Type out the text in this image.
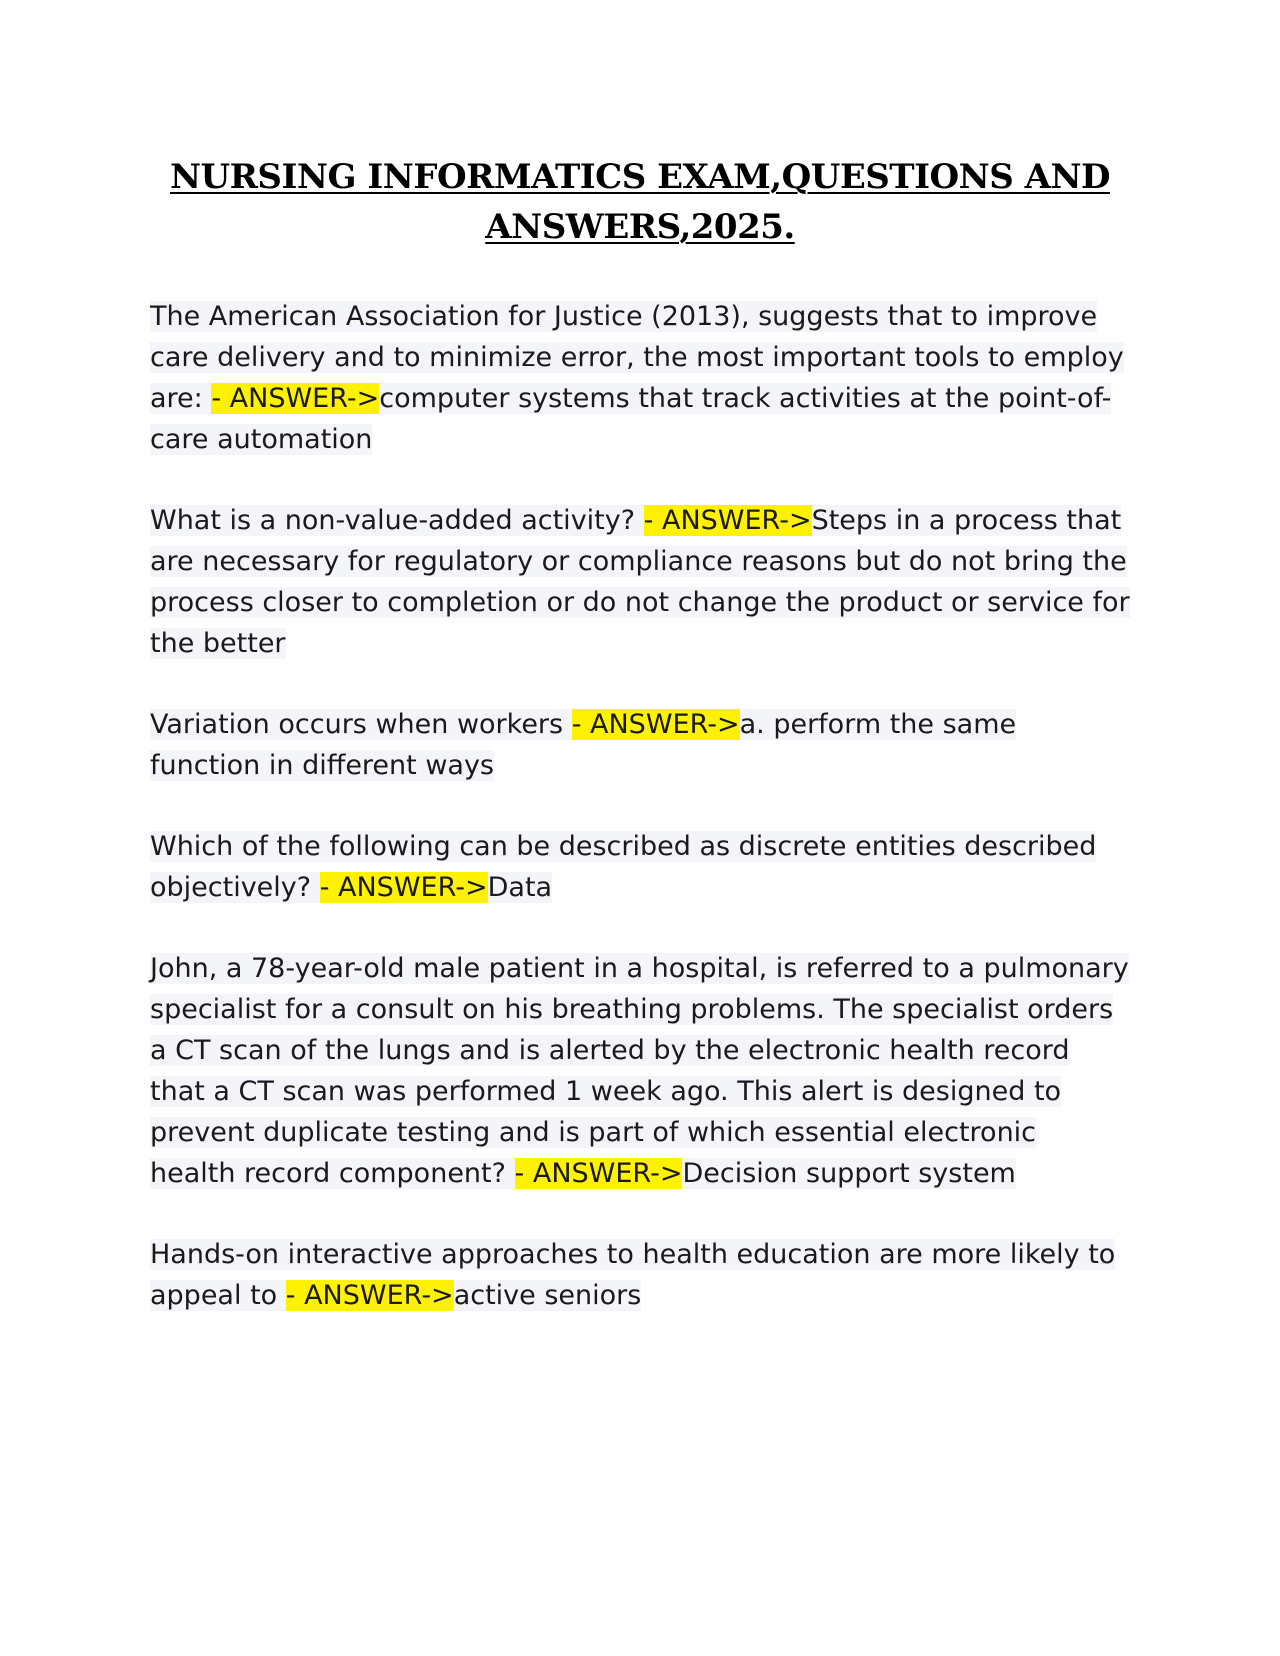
NURSING INFORMATICS EXAM,QUESTIONS AND
ANSWERS,2025.

The American Association for Justice (2013), suggests that to improve care delivery and to minimize error, the most important tools to employ are: - ANSWER->computer systems that track activities at the point-of-care automation

What is a non-value-added activity? - ANSWER->Steps in a process that are necessary for regulatory or compliance reasons but do not bring the process closer to completion or do not change the product or service for the better

Variation occurs when workers - ANSWER->a. perform the same function in different ways

Which of the following can be described as discrete entities described objectively? - ANSWER->Data

John, a 78-year-old male patient in a hospital, is referred to a pulmonary specialist for a consult on his breathing problems. The specialist orders a CT scan of the lungs and is alerted by the electronic health record that a CT scan was performed 1 week ago. This alert is designed to prevent duplicate testing and is part of which essential electronic health record component? - ANSWER->Decision support system

Hands-on interactive approaches to health education are more likely to appeal to - ANSWER->active seniors
